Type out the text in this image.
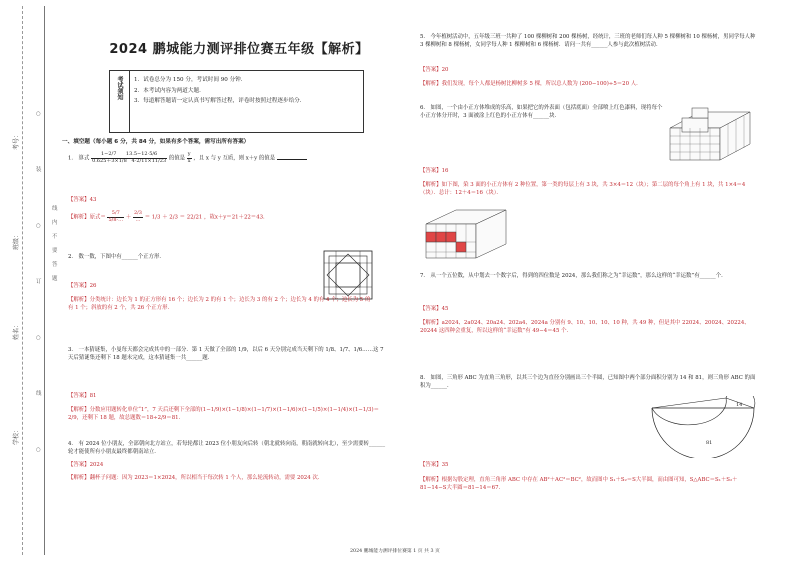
学校：
姓名：
班级：
考号：
○
装
○
订
○
线
○
线
内
不
要
答
题
2024 鹏城能力测评排位赛五年级【解析】
考试须知	1．试卷总分为 150 分，考试时间 90 分钟．
2．本考试内容为两道大题．
3．每道解答题请一定认真书写解答过程，评卷时按照过程逐步给分．
一、填空题（每小题 6 分，共 84 分，如果有多个答案，需写出所有答案）
1． 算式 $\frac{1-2/7 13.5-12\cdot 5/6}{0.625+3\times 1/8 4\cdot 2/11\times 11/23}$ 的值是 $\frac{y}{x}$ ，且 x 与 y 互质，则 x＋y 的值是
【答案】43
【解析】原式＝ $\frac{5/7}{5/8\cdot\dots} + \frac{2/3}{\dots} = 1/3 + 2/3 = 22/21$ ，故x＋y＝21＋22＝43．
2． 数一数，下图中有______个正方形．
【答案】26
【解析】分类统计：边长为 1 的正方形有 16 个；边长为 2 的有 1 个；边长为 3 的有 2 个；边长为 4 的有 4 个；边长为 5 的有 1 个；斜放的有 2 个，共 26 个正方形．
3． 一本猜谜集，小曼每天都会完成其中的一部分．第 1 天做了全部的 1/9，以后 6 天分别完成当天剩下的 1/8、1/7、1/6……这 7 天后猜谜集还剩下 18 题未完成，这本猜谜集一共______题．
【答案】81
【解析】分数应用题转化单位“1”，7 天后还剩下全部的(1−1/9)×(1−1/8)×(1−1/7)×(1−1/6)×(1−1/5)×(1−1/4)×(1−1/3)＝2/9，还剩下 18 题，故总题数＝18÷2/9＝81．
4． 有 2024 位小朋友，全部朝向北方站立，若每轮都让 2023 位小朋友向后转（朝北就转向南，朝南就转向北），至少需要转______轮才能使所有小朋友最终都朝南站立．
【答案】2024
【解析】翻杯子问题：因为 2023＝1×2024，所以相当于每次转 1 个人，那么轮流转动，需要 2024 次．
5． 今年植树活动中，五年级三班一共种了 100 棵柳树和 200 棵杨树，经统计，三班的老师们每人种 5 棵柳树和 10 棵杨树，男同学每人种 3 棵柳树和 8 棵杨树，女同学每人种 1 棵柳树和 6 棵杨树．请问一共有______人参与此次植树活动．
【答案】20
【解析】我们发现，每个人都是杨树比柳树多 5 棵，所以总人数为 (200−100)÷5＝20 人．
6． 如图，一个由小正方体堆成的乐高，如果把它的外表面（包括底面）全部喷上红色漆料，现将每个小正方体分开时，3 面被涂上红色的小正方体有______块．
【答案】16
【解析】如下图，染 3 面的小正方体有 2 种位置，第一类的每层上有 3 块，共 3×4＝12（块）；第二层的每个角上有 1 块，共 1×4＝4（块）．总计：12＋4＝16（块）．
7． 从一个五位数，从中划去一个数字后，得到的四位数是 2024，那么我们称之为“幸运数”，那么这样的“幸运数”有______个．
【答案】45
【解析】a2024、2a024、20a24、202a4、2024a 分别有 9、10、10、10、10 种，共 49 种，但是其中 22024、20024、20224、20244 这四种会重复，所以这样的“幸运数”有 49−4＝45 个．
8． 如图，三角形 ABC 为直角三角形，以其三个边为直径分别画出三个半圆，已知图中两个部分面积分别为 14 和 81，则三角形 ABC 的面积为______．
14
81
【答案】35
【解析】根据勾股定理，直角三角形 ABC 中存在 AB²＋AC²＝BC²，故而图中 S₁＋S₂＝S大半圆，而由图可知，S△ABC＝S₁＋S₂＋81−14−S大半圆＝81−14＝67．
2024 鹏城能力测评排位赛第 1 页 共 3 页
